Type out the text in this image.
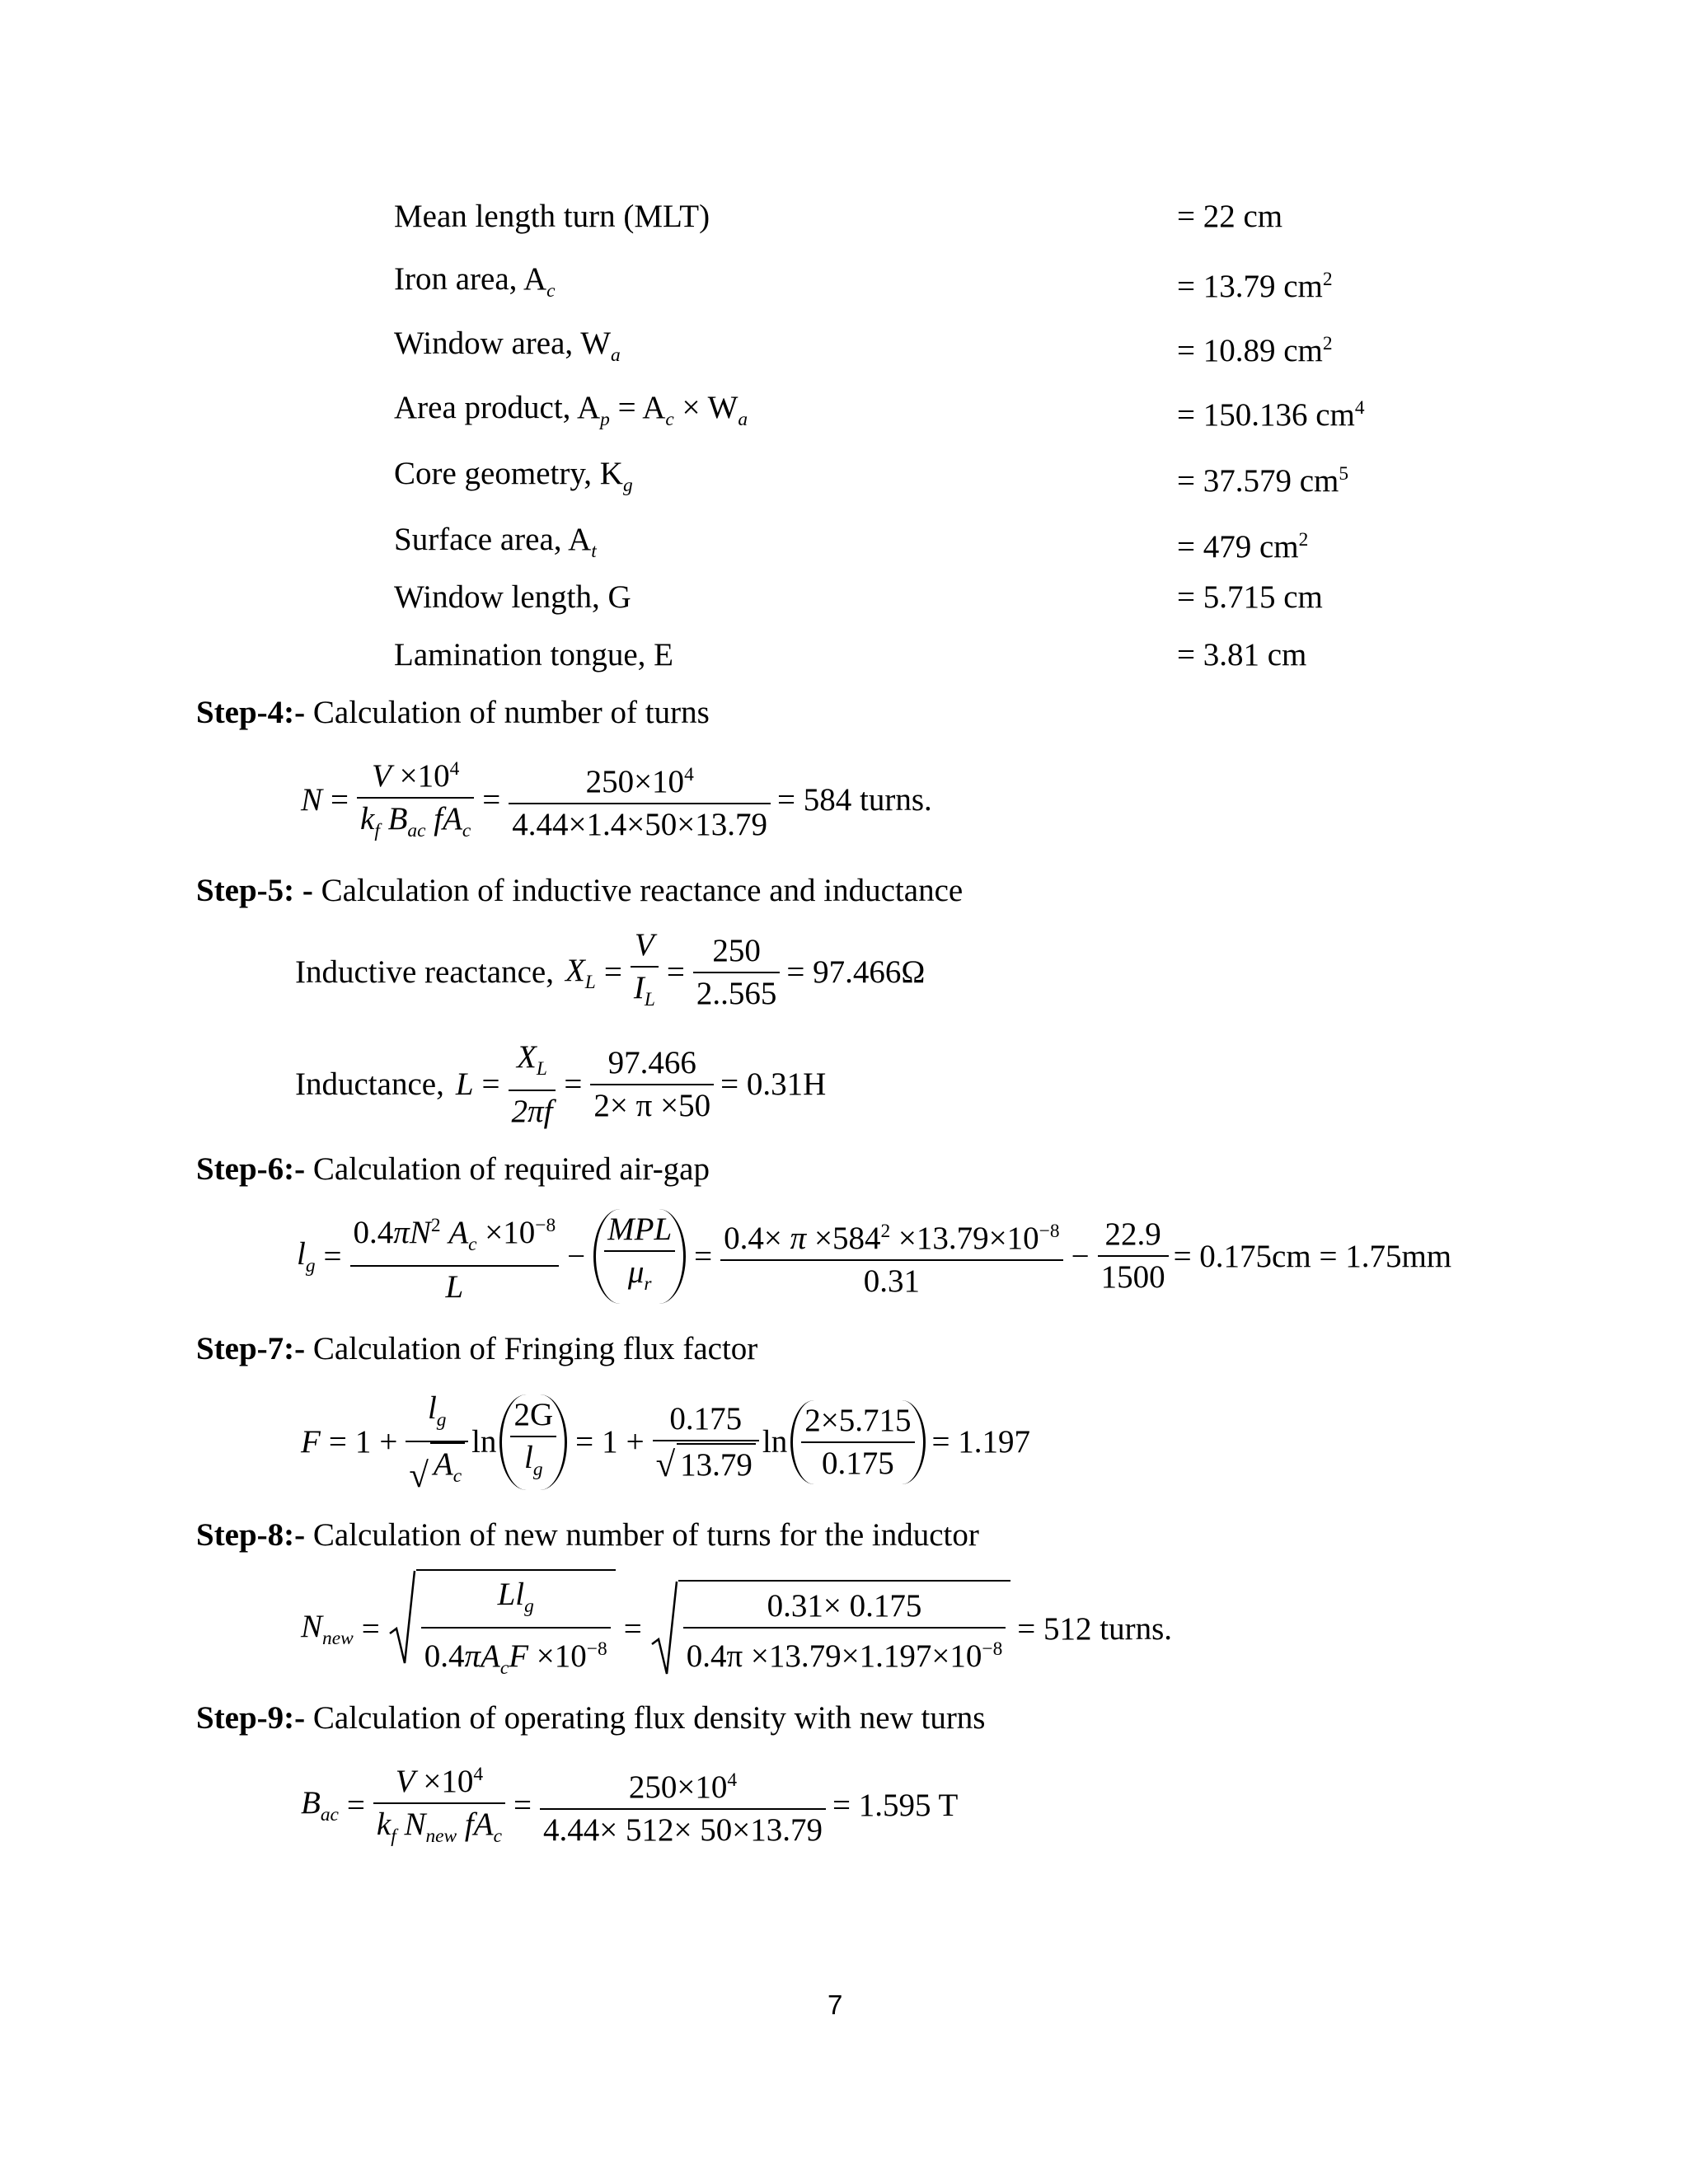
Mean length turn (MLT)	= 22 cm
Iron area, $A_c$	= 13.79 $cm^2$
Window area, $W_a$	= 10.89 $cm^2$
Area product, $A_p = A_c \times W_a$	= 150.136 $cm^4$
Core geometry, $K_g$	= 37.579 $cm^5$
Surface area, $A_t$	= 479 $cm^2$
Window length, G	= 5.715 cm
Lamination tongue, E	= 3.81 cm
Step-4:- Calculation of number of turns
$N = \frac{V \times 10^4}{k_f B_{ac} fA_c} = \frac{250\times 10^4}{4.44\times 1.4\times 50\times 13.79} = 584$ turns.
Step-5: - Calculation of inductive reactance and inductance
Inductive reactance, $X_L = \frac{V}{I_L} = \frac{250}{2..565} = 97.466\Omega$
Inductance, $L = \frac{X_L}{2\pi f} = \frac{97.466}{2\times \pi \times 50} = 0.31H$
Step-6:- Calculation of required air-gap
$l_g = \frac{0.4\pi N^2 A_c \times 10^{-8}}{L} - \frac{\text{MPL}}{\mu_r} = \frac{0.4\times \pi \times 584^2 \times 13.79\times 10^{-8}}{0.31} - \frac{22.9}{1500} = 0.175cm = 1.75mm$
Step-7:- Calculation of Fringing flux factor
$F = 1 + \frac{l_g}{√ A_c}$ $\ln \frac{2G}{l_g} = 1 + \frac{0.175}{√ 13.79}$ $\ln \frac{2\times 5.715}{0.175} = 1.197$
Step-8:- Calculation of new number of turns for the inductor
$N_{new} = \frac{Ll_g}{0.4\pi A_cF \times 10^{-8}} = \frac{0.31\times 0.175}{0.4\pi \times 13.79\times 1.197\times 10^{-8}} = 512$ turns.
Step-9:- Calculation of operating flux density with new turns
$B_{ac} = \frac{V \times 10^4}{k_f N_{new} fA_c} = \frac{250\times 10^4}{4.44\times 512\times 50\times 13.79} = 1.595$ T
7
